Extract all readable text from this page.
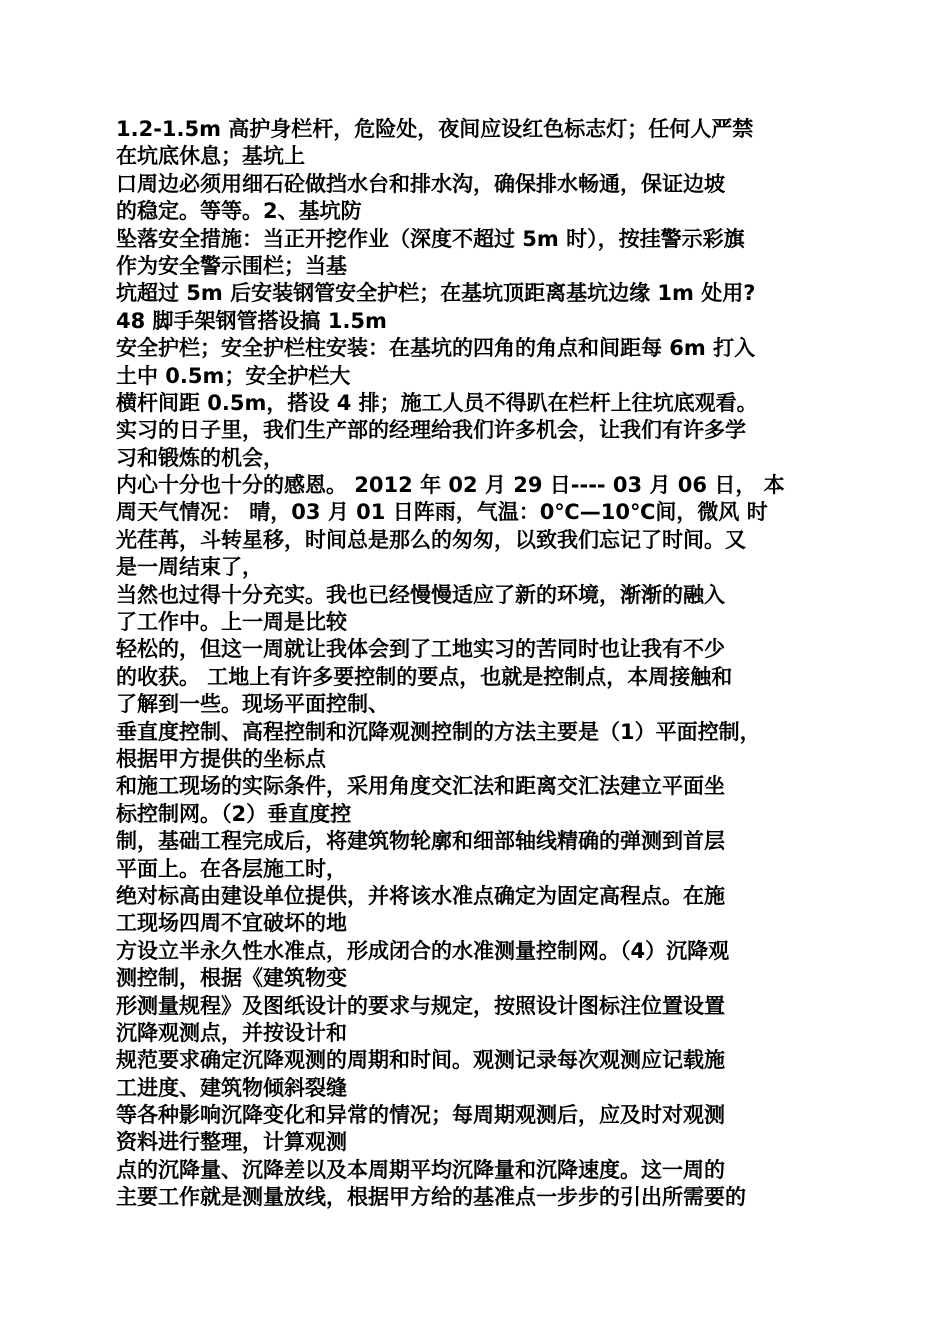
1.2-1.5m 高护身栏杆，危险处，夜间应设红色标志灯；任何人严禁
在坑底休息；基坑上
口周边必须用细石砼做挡水台和排水沟，确保排水畅通，保证边坡
的稳定。等等。2、基坑防
坠落安全措施：当正开挖作业（深度不超过 5m 时），按挂警示彩旗
作为安全警示围栏；当基
坑超过 5m 后安装钢管安全护栏；在基坑顶距离基坑边缘 1m 处用?
48 脚手架钢管搭设搞 1.5m
安全护栏；安全护栏柱安装：在基坑的四角的角点和间距每 6m 打入
土中 0.5m；安全护栏大
横杆间距 0.5m，搭设 4 排；施工人员不得趴在栏杆上往坑底观看。
实习的日子里，我们生产部的经理给我们许多机会，让我们有许多学
习和锻炼的机会，
内心十分也十分的感恩。 2012 年 02 月 29 日---- 03 月 06 日， 本
周天气情况： 晴，03 月 01 日阵雨，气温：0℃—10℃间，微风 时
光荏苒，斗转星移，时间总是那么的匆匆，以致我们忘记了时间。又
是一周结束了，
当然也过得十分充实。我也已经慢慢适应了新的环境，渐渐的融入
了工作中。上一周是比较
轻松的，但这一周就让我体会到了工地实习的苦同时也让我有不少
的收获。 工地上有许多要控制的要点，也就是控制点，本周接触和
了解到一些。现场平面控制、
垂直度控制、高程控制和沉降观测控制的方法主要是（1）平面控制，
根据甲方提供的坐标点
和施工现场的实际条件，采用角度交汇法和距离交汇法建立平面坐
标控制网。（2）垂直度控
制，基础工程完成后，将建筑物轮廓和细部轴线精确的弹测到首层
平面上。在各层施工时，
绝对标高由建设单位提供，并将该水准点确定为固定高程点。在施
工现场四周不宜破坏的地
方设立半永久性水准点，形成闭合的水准测量控制网。（4）沉降观
测控制，根据《建筑物变
形测量规程》及图纸设计的要求与规定，按照设计图标注位置设置
沉降观测点，并按设计和
规范要求确定沉降观测的周期和时间。观测记录每次观测应记载施
工进度、建筑物倾斜裂缝
等各种影响沉降变化和异常的情况；每周期观测后，应及时对观测
资料进行整理，计算观测
点的沉降量、沉降差以及本周期平均沉降量和沉降速度。这一周的
主要工作就是测量放线，根据甲方给的基准点一步步的引出所需要的
